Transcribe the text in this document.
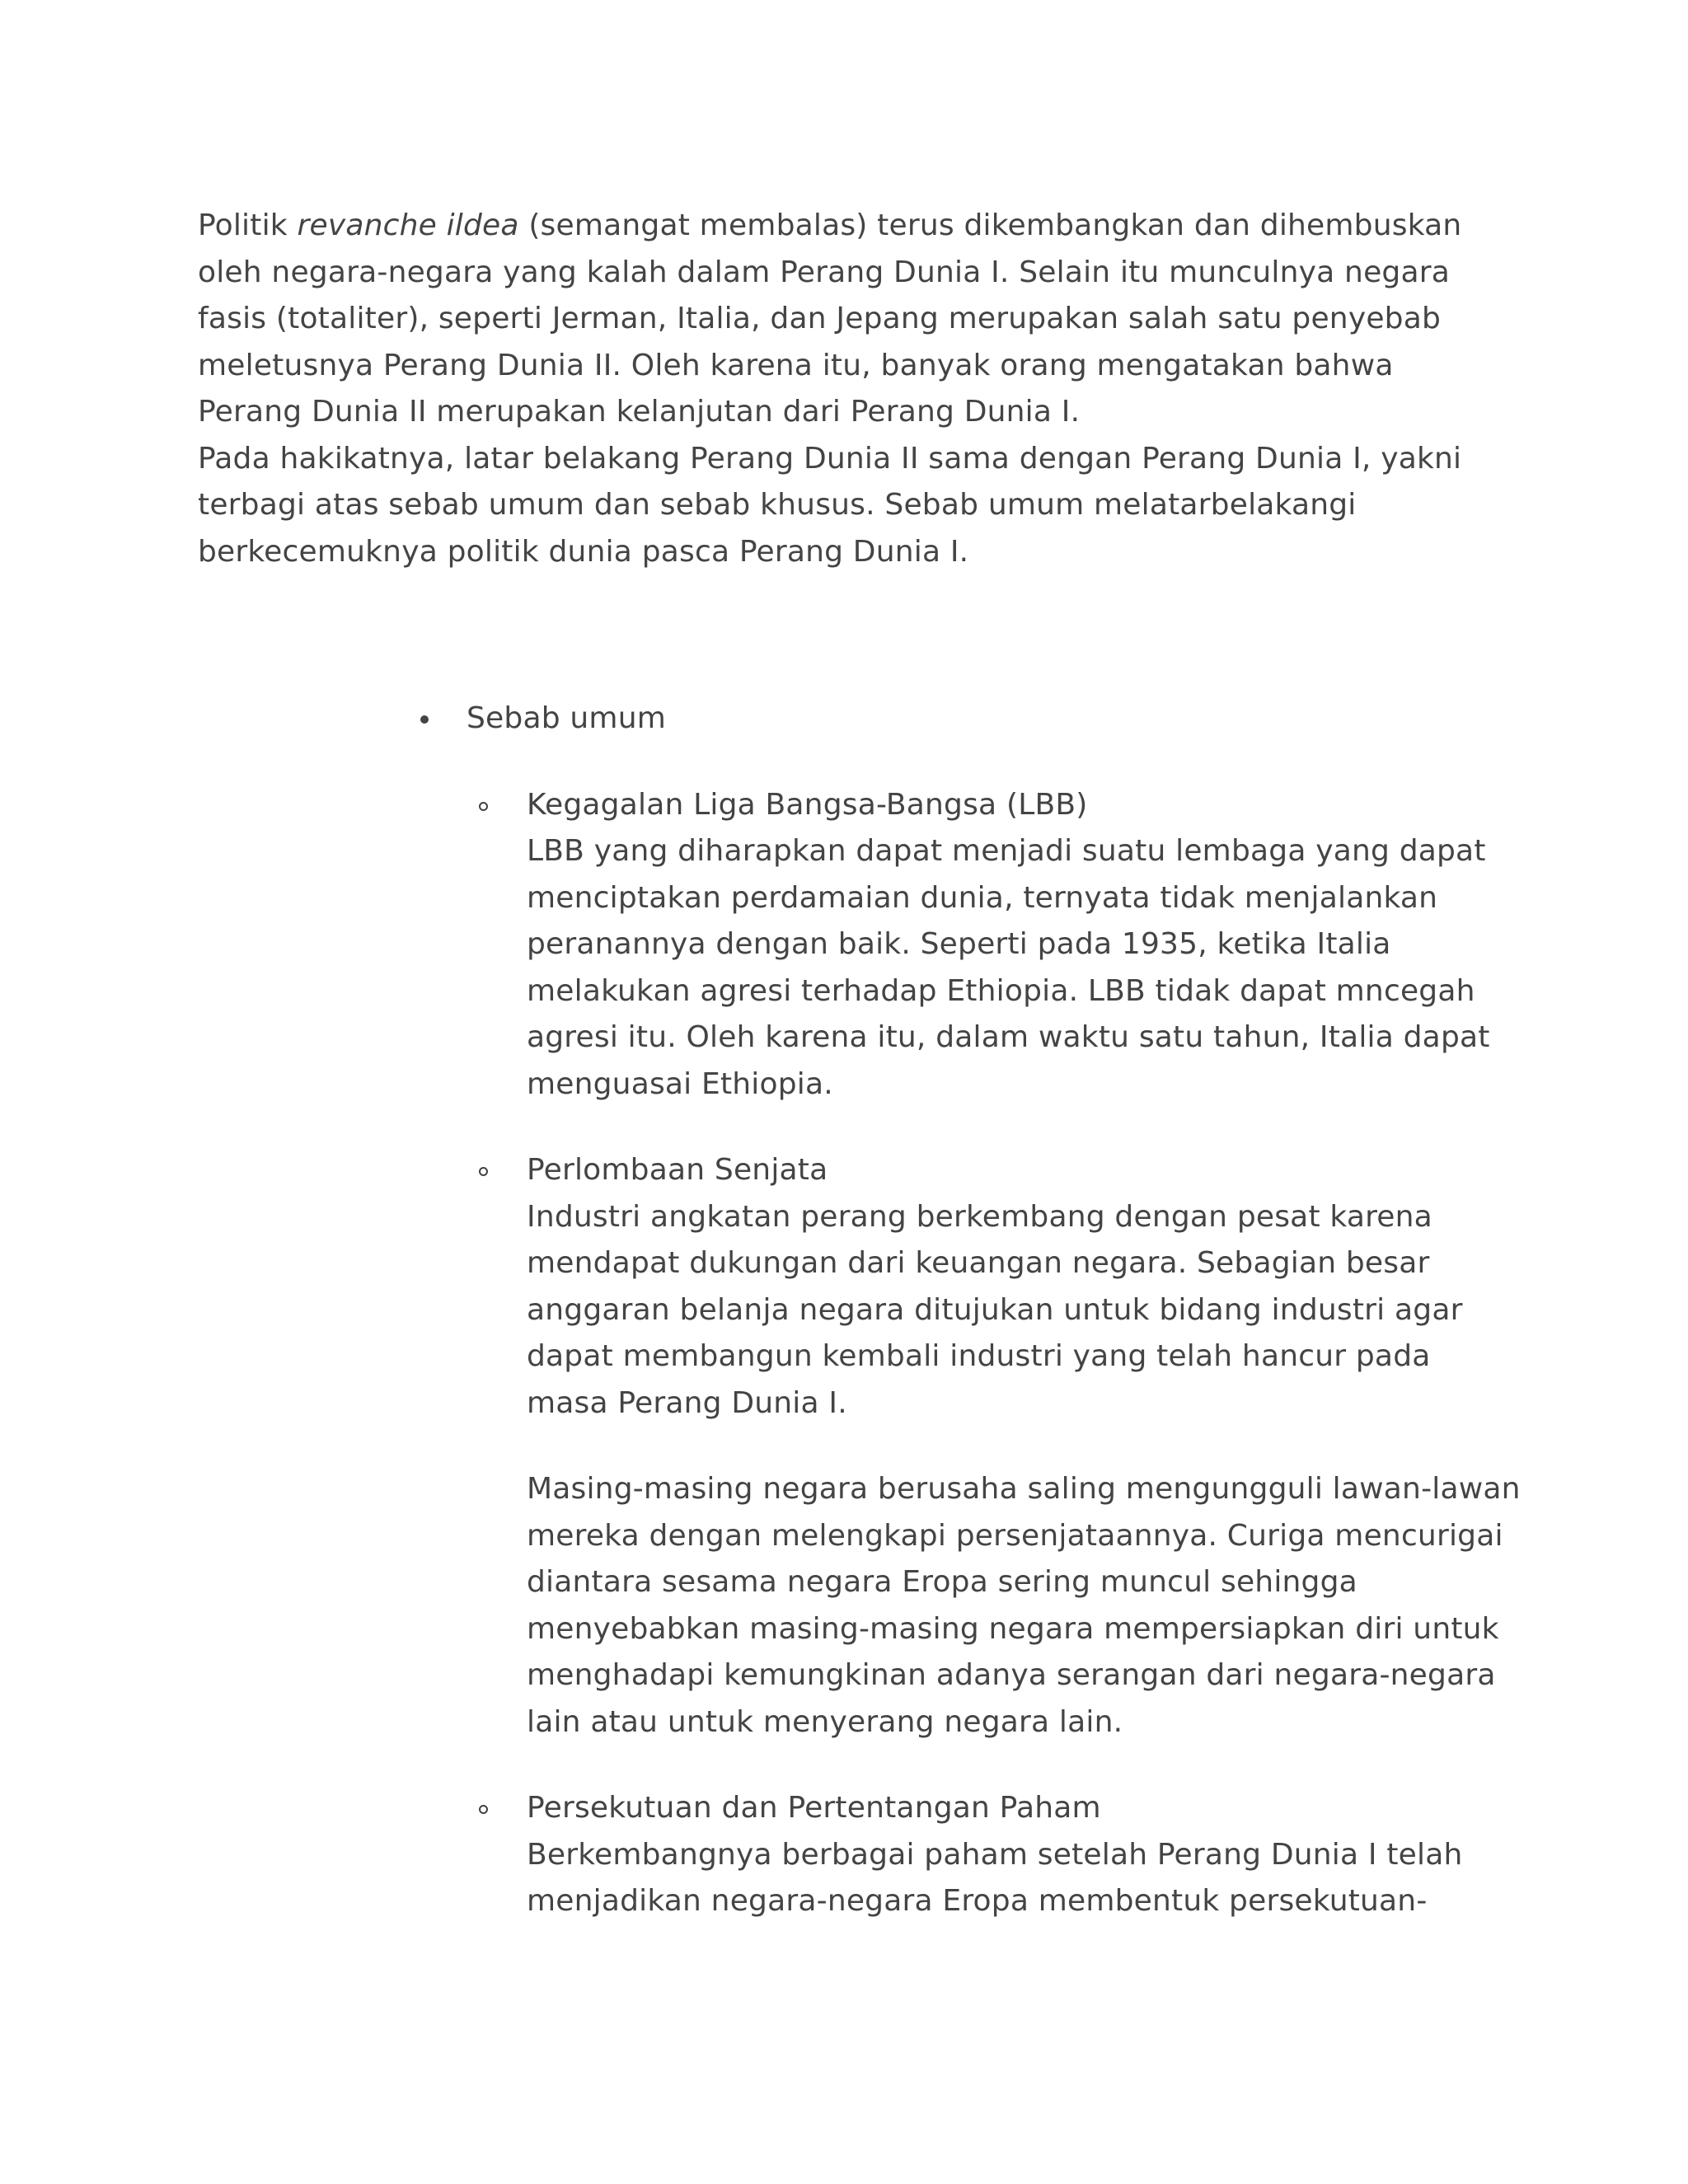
Politik revanche ildea (semangat membalas) terus dikembangkan dan dihembuskan oleh negara-negara yang kalah dalam Perang Dunia I. Selain itu munculnya negara fasis (totaliter), seperti Jerman, Italia, dan Jepang merupakan salah satu penyebab meletusnya Perang Dunia II. Oleh karena itu, banyak orang mengatakan bahwa Perang Dunia II merupakan kelanjutan dari Perang Dunia I.

Pada hakikatnya, latar belakang Perang Dunia II sama dengan Perang Dunia I, yakni terbagi atas sebab umum dan sebab khusus. Sebab umum melatarbelakangi berkecemuknya politik dunia pasca Perang Dunia I.

Sebab umum
Kegagalan Liga Bangsa-Bangsa (LBB)
LBB yang diharapkan dapat menjadi suatu lembaga yang dapat menciptakan perdamaian dunia, ternyata tidak menjalankan peranannya dengan baik. Seperti pada 1935, ketika Italia melakukan agresi terhadap Ethiopia. LBB tidak dapat mncegah agresi itu. Oleh karena itu, dalam waktu satu tahun, Italia dapat menguasai Ethiopia.
Perlombaan Senjata
Industri angkatan perang berkembang dengan pesat karena mendapat dukungan dari keuangan negara. Sebagian besar anggaran belanja negara ditujukan untuk bidang industri agar dapat membangun kembali industri yang telah hancur pada masa Perang Dunia I.
Masing-masing negara berusaha saling mengungguli lawan-lawan mereka dengan melengkapi persenjataannya. Curiga mencurigai diantara sesama negara Eropa sering muncul sehingga menyebabkan masing-masing negara mempersiapkan diri untuk menghadapi kemungkinan adanya serangan dari negara-negara lain atau untuk menyerang negara lain.
Persekutuan dan Pertentangan Paham
Berkembangnya berbagai paham setelah Perang Dunia I telah menjadikan negara-negara Eropa membentuk persekutuan-
